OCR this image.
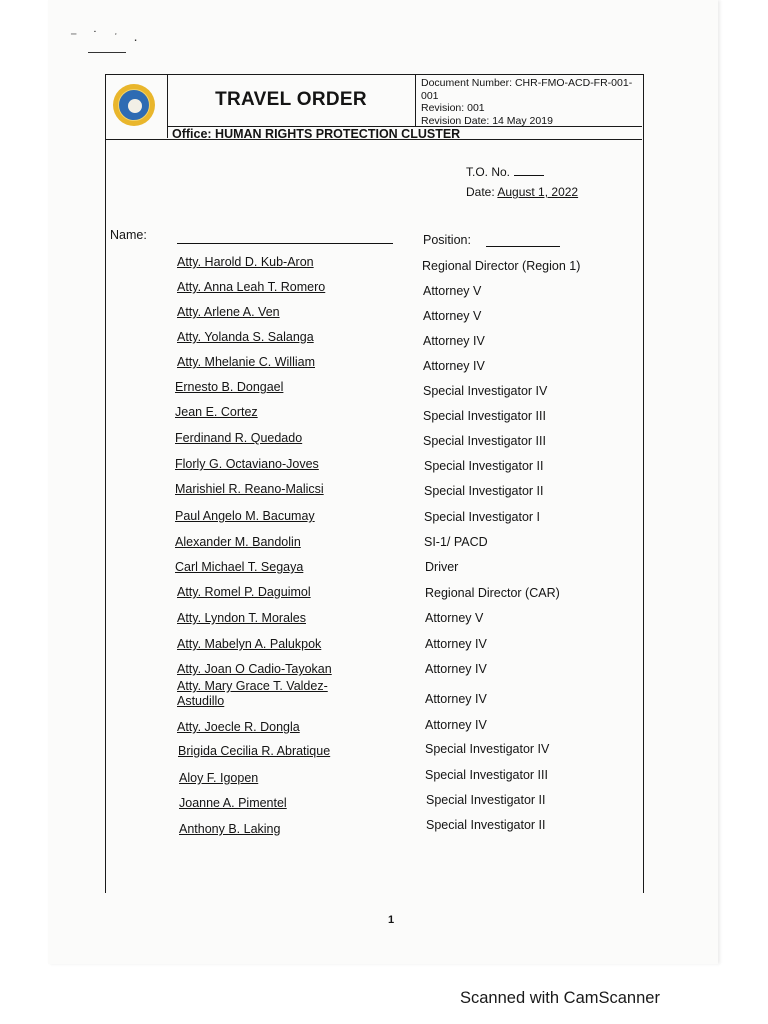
⁻ ˙ ˑ .
TRAVEL ORDER
Document Number: CHR-FMO-ACD-FR-001-001
Revision: 001
Revision Date: 14 May 2019
Office: HUMAN RIGHTS PROTECTION CLUSTER
T.O. No.
Date: August 1, 2022
Name:	Position:
Atty. Harold D. Kub-Aron	Regional Director (Region 1)
Atty. Anna Leah T. Romero	Attorney V
Atty. Arlene A. Ven	Attorney V
Atty. Yolanda S. Salanga	Attorney IV
Atty. Mhelanie C. William	Attorney IV
Ernesto B. Dongael	Special Investigator IV
Jean E. Cortez	Special Investigator III
Ferdinand R. Quedado	Special Investigator III
Florly G. Octaviano-Joves	Special Investigator II
Marishiel R. Reano-Malicsi	Special Investigator II
Paul Angelo M. Bacumay	Special Investigator I
Alexander M. Bandolin	SI-1/ PACD
Carl Michael T. Segaya	Driver
Atty. Romel P. Daguimol	Regional Director (CAR)
Atty. Lyndon T. Morales	Attorney V
Atty. Mabelyn A. Palukpok	Attorney IV
Atty. Joan O Cadio-Tayokan	Attorney IV
Atty. Mary Grace T. Valdez-
Astudillo	Attorney IV
Atty. Joecle R. Dongla	Attorney IV
Brigida Cecilia R. Abratique	Special Investigator IV
Aloy F. Igopen	Special Investigator III
Joanne A. Pimentel	Special Investigator II
Anthony B. Laking	Special Investigator II
1
Scanned with CamScanner
